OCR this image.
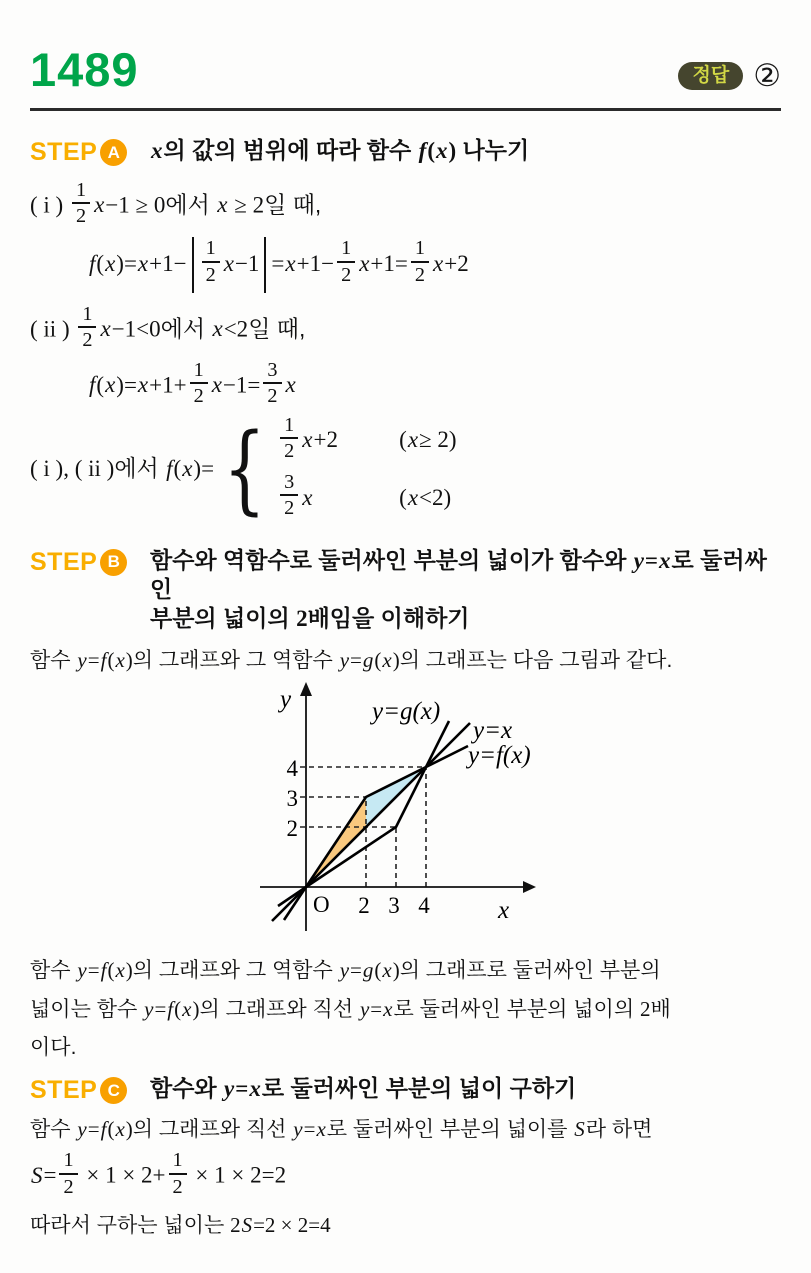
1489	정답 ②
STEP A	x의 값의 범위에 따라 함수 f(x) 나누기
( i ) $\frac{1}{2} x-1 \ge 0$에서 x ≥ 2일 때,
$f(x)=x+1- \frac{1}{2} x-1 =x+1- \frac{1}{2} x+1= \frac{1}{2} x+2$
( ii ) $\frac{1}{2} x-1<0$에서 x<2일 때,
$f(x)=x+1+ \frac{1}{2} x-1= \frac{3}{2}$ x
( i ), ( ii )에서 f(x)= { $\frac{1}{2}$ x +2	( x ≥ 2)
$\frac{3}{2}$ x	( x <2)
STEP B	함수와 역함수로 둘러싸인 부분의 넓이가 함수와 y=x로 둘러싸인
부분의 넓이의 2배임을 이해하기
함수 y=f(x)의 그래프와 그 역함수 y=g(x)의 그래프는 다음 그림과 같다.
y
x
O
4
3
2
2 3 4
y=g(x)
y=x
y=f(x)
함수 y=f(x)의 그래프와 그 역함수 y=g(x)의 그래프로 둘러싸인 부분의
넓이는 함수 y=f(x)의 그래프와 직선 y=x로 둘러싸인 부분의 넓이의 2배
이다.
STEP C	함수와 y=x로 둘러싸인 부분의 넓이 구하기
함수 y=f(x)의 그래프와 직선 y=x로 둘러싸인 부분의 넓이를 S라 하면
$S= \frac{1}{2} \times 1 \times 2+ \frac{1}{2} \times 1 \times 2=2$
따라서 구하는 넓이는 2S=2 × 2=4
